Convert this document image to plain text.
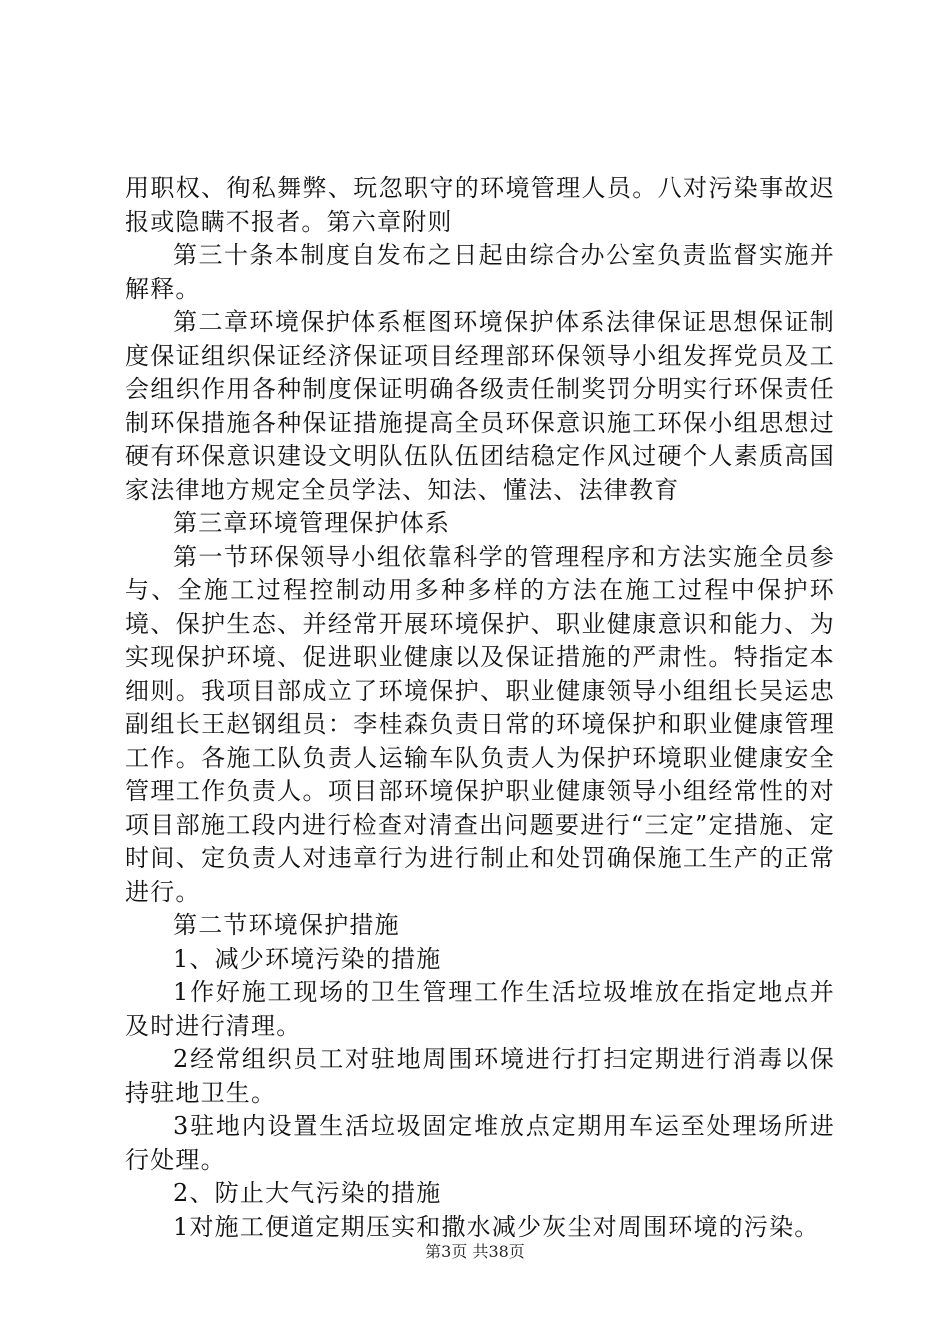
用职权、徇私舞弊、玩忽职守的环境管理人员。八对污染事故迟报或隐瞒不报者。第六章附则

第三十条本制度自发布之日起由综合办公室负责监督实施并解释。

第二章环境保护体系框图环境保护体系法律保证思想保证制度保证组织保证经济保证项目经理部环保领导小组发挥党员及工会组织作用各种制度保证明确各级责任制奖罚分明实行环保责任制环保措施各种保证措施提高全员环保意识施工环保小组思想过硬有环保意识建设文明队伍队伍团结稳定作风过硬个人素质高国家法律地方规定全员学法、知法、懂法、法律教育

第三章环境管理保护体系

第一节环保领导小组依靠科学的管理程序和方法实施全员参与、全施工过程控制动用多种多样的方法在施工过程中保护环境、保护生态、并经常开展环境保护、职业健康意识和能力、为实现保护环境、促进职业健康以及保证措施的严肃性。特指定本细则。我项目部成立了环境保护、职业健康领导小组组长吴运忠副组长王赵钢组员：李桂森负责日常的环境保护和职业健康管理工作。各施工队负责人运输车队负责人为保护环境职业健康安全管理工作负责人。项目部环境保护职业健康领导小组经常性的对项目部施工段内进行检查对清查出问题要进行“三定”定措施、定时间、定负责人对违章行为进行制止和处罚确保施工生产的正常进行。

第二节环境保护措施

1、减少环境污染的措施

1作好施工现场的卫生管理工作生活垃圾堆放在指定地点并及时进行清理。

2经常组织员工对驻地周围环境进行打扫定期进行消毒以保持驻地卫生。

3驻地内设置生活垃圾固定堆放点定期用车运至处理场所进行处理。

2、防止大气污染的措施

1对施工便道定期压实和撒水减少灰尘对周围环境的污染。

第3页 共38页
